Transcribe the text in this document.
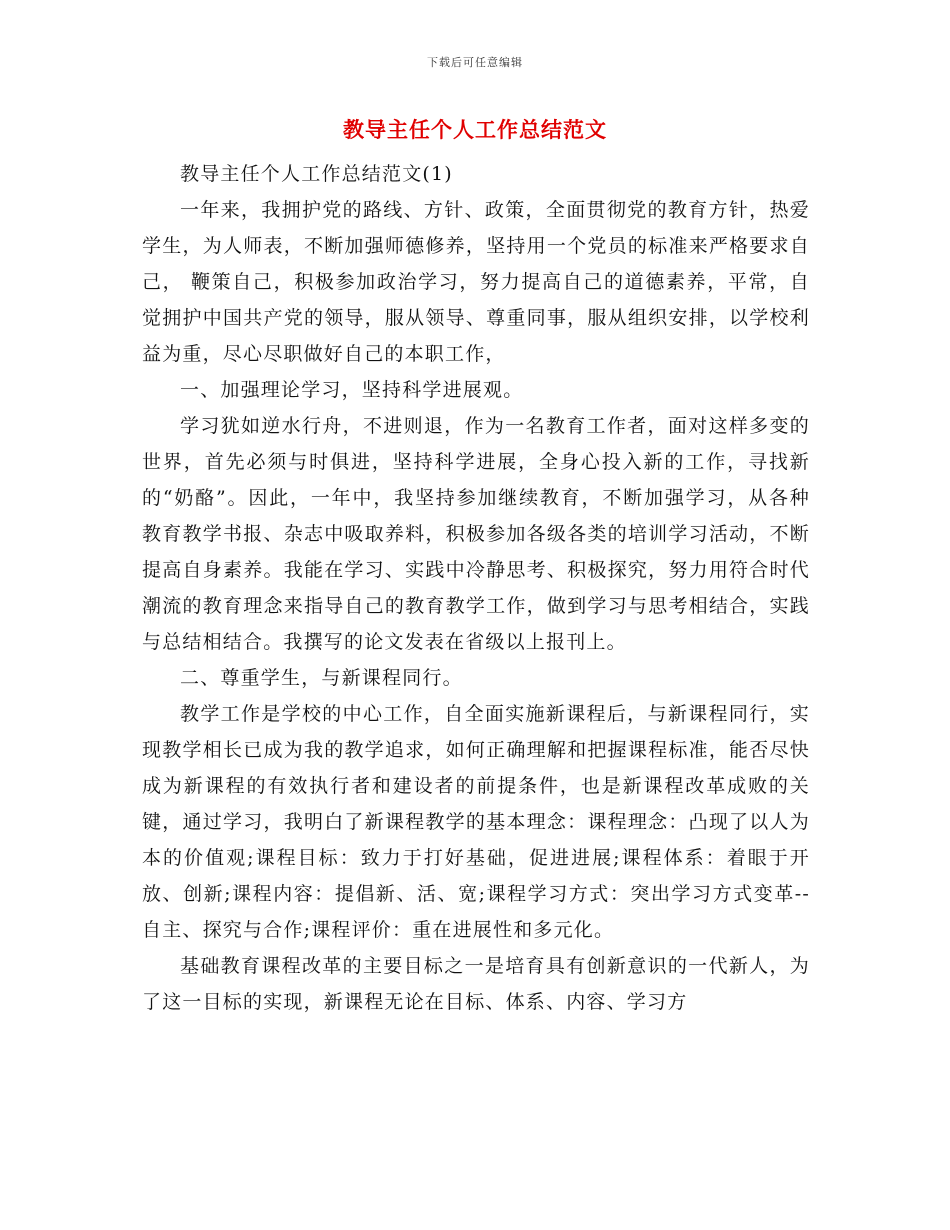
下载后可任意编辑
教导主任个人工作总结范文

教导主任个人工作总结范文(1)

一年来，我拥护党的路线、方针、政策，全面贯彻党的教育方针，热爱学生，为人师表，不断加强师德修养，坚持用一个党员的标准来严格要求自己， 鞭策自己，积极参加政治学习，努力提高自己的道德素养，平常，自觉拥护中国共产党的领导，服从领导、尊重同事，服从组织安排，以学校利益为重，尽心尽职做好自己的本职工作，

一、加强理论学习，坚持科学进展观。

学习犹如逆水行舟，不进则退，作为一名教育工作者，面对这样多变的世界，首先必须与时俱进，坚持科学进展，全身心投入新的工作，寻找新的“奶酪”。因此，一年中，我坚持参加继续教育，不断加强学习，从各种教育教学书报、杂志中吸取养料，积极参加各级各类的培训学习活动，不断提高自身素养。我能在学习、实践中冷静思考、积极探究，努力用符合时代潮流的教育理念来指导自己的教育教学工作，做到学习与思考相结合，实践与总结相结合。我撰写的论文发表在省级以上报刊上。

二、尊重学生，与新课程同行。

教学工作是学校的中心工作，自全面实施新课程后，与新课程同行，实现教学相长已成为我的教学追求，如何正确理解和把握课程标准，能否尽快成为新课程的有效执行者和建设者的前提条件，也是新课程改革成败的关键，通过学习，我明白了新课程教学的基本理念：课程理念：凸现了以人为本的价值观;课程目标：致力于打好基础，促进进展;课程体系：着眼于开放、创新;课程内容：提倡新、活、宽;课程学习方式：突出学习方式变革--自主、探究与合作;课程评价：重在进展性和多元化。

基础教育课程改革的主要目标之一是培育具有创新意识的一代新人，为了这一目标的实现，新课程无论在目标、体系、内容、学习方
